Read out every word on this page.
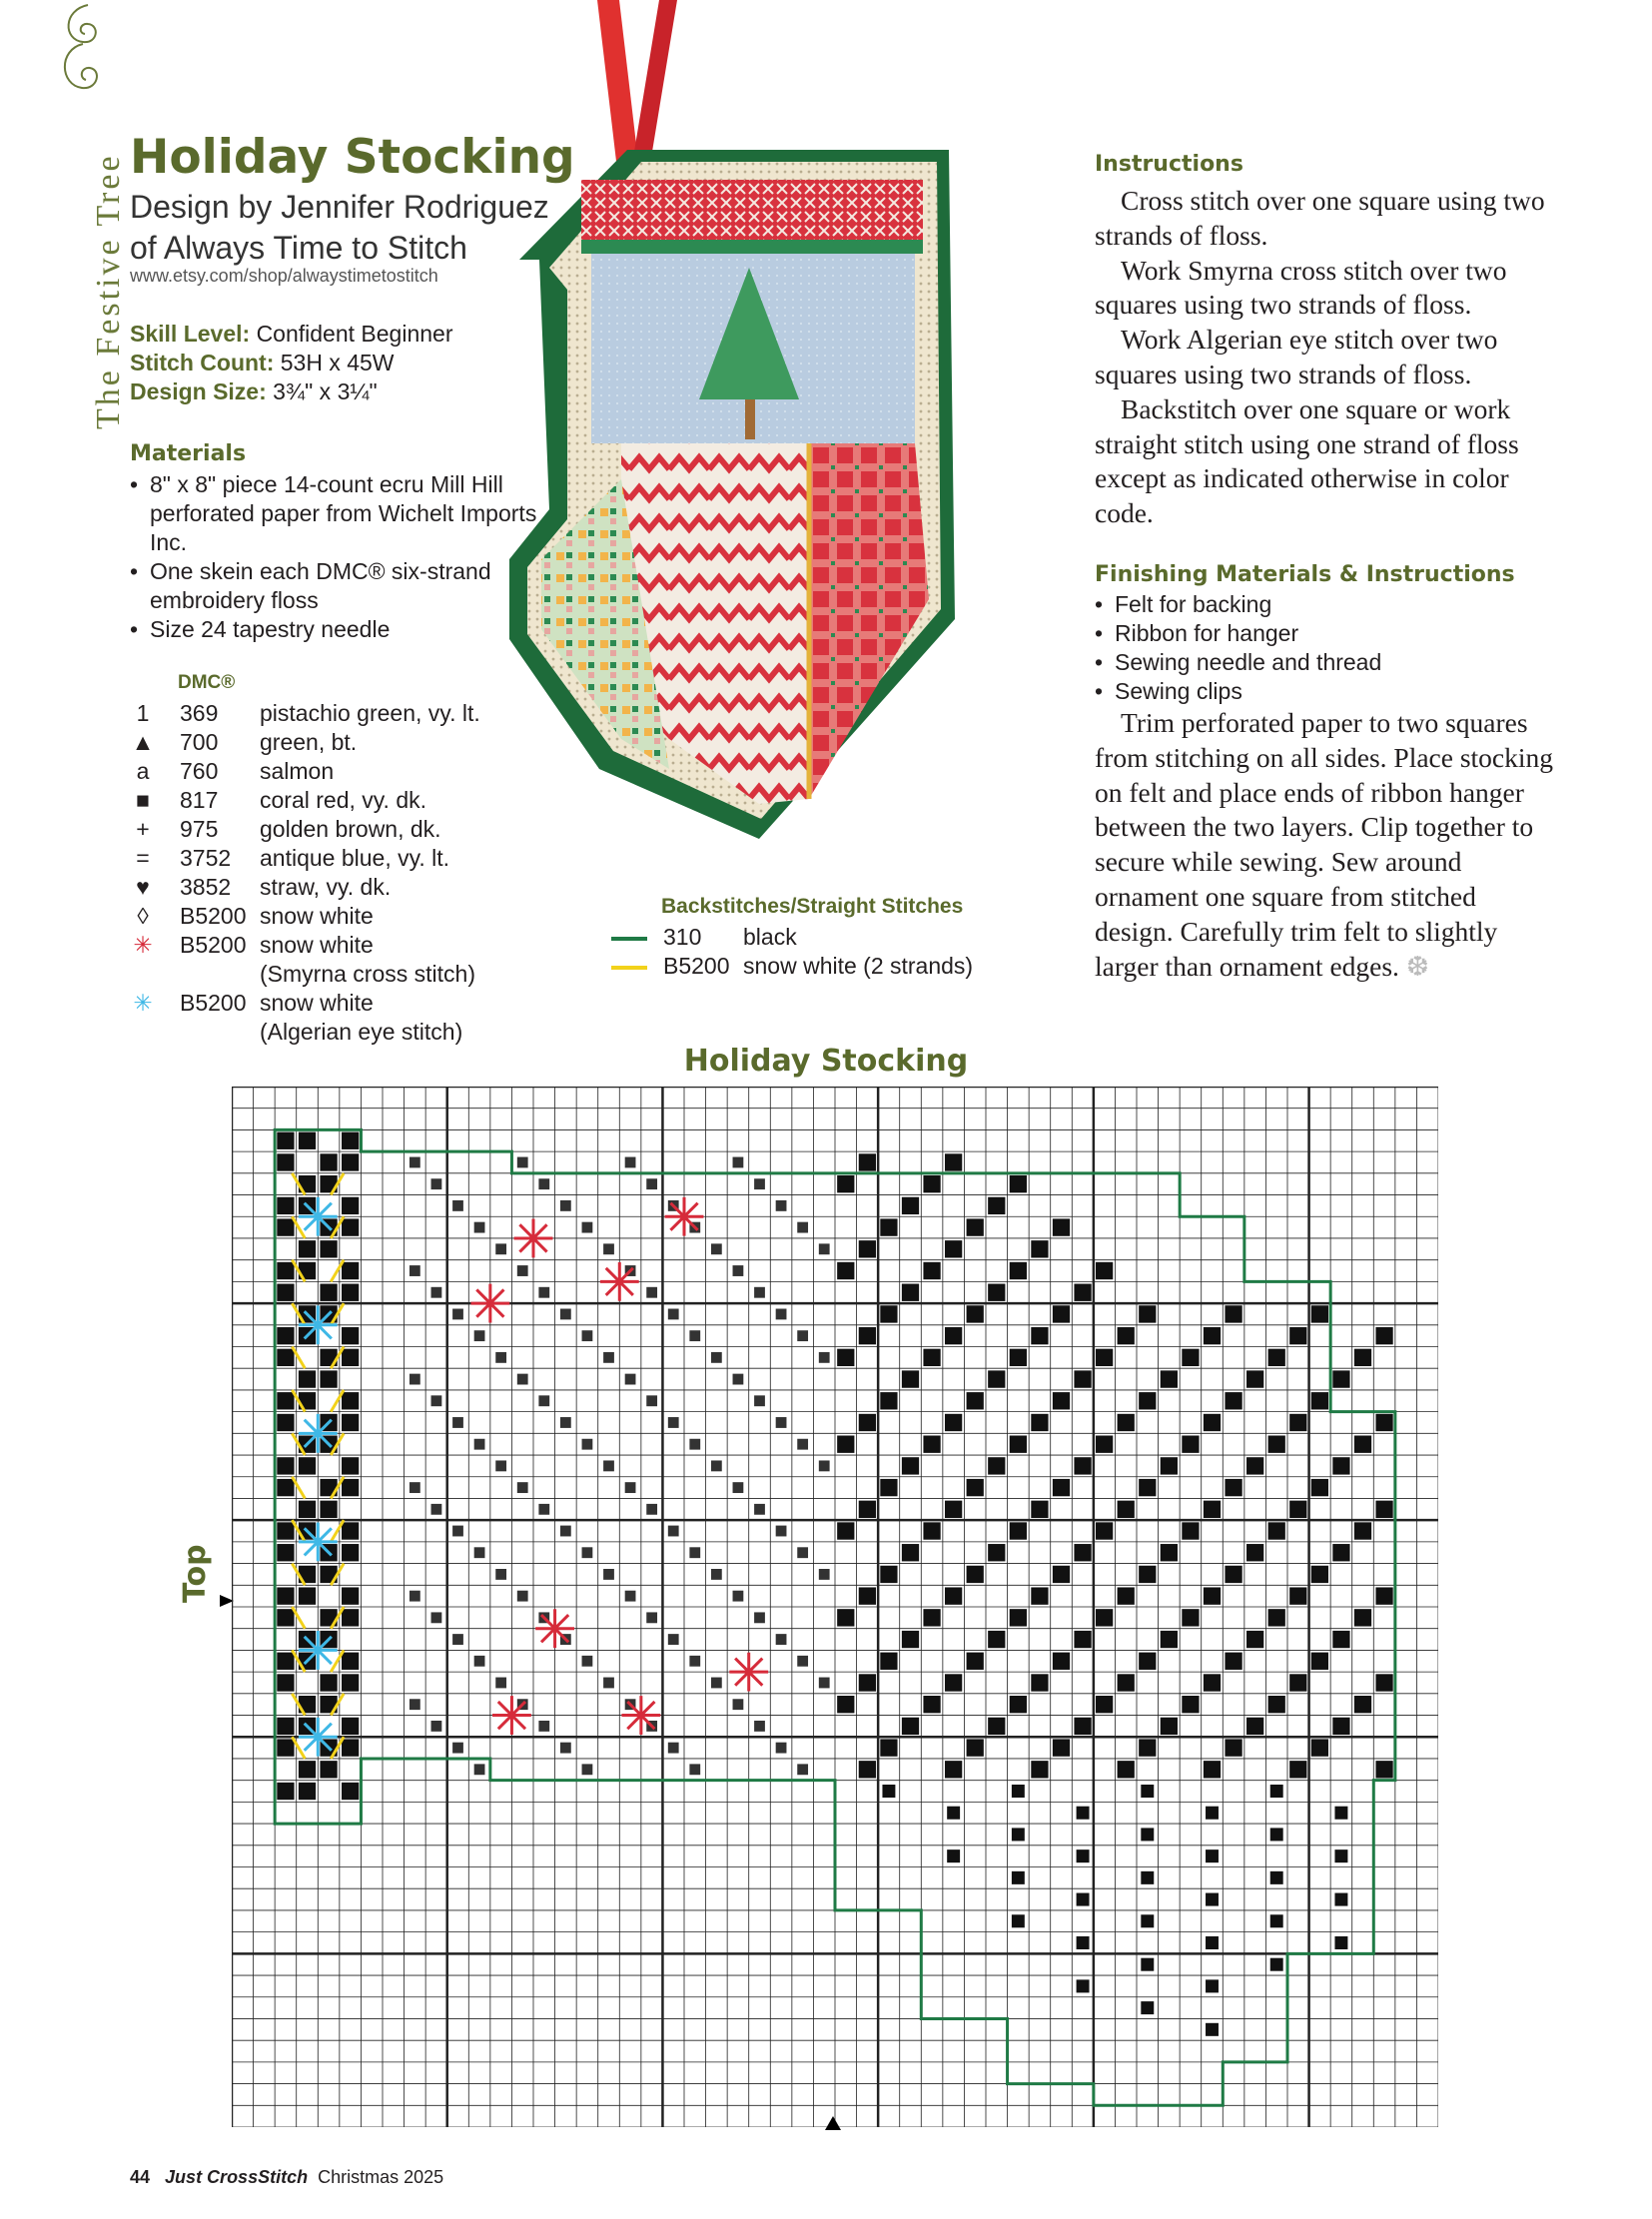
The Festive Tree Holiday Stocking
Design by Jennifer Rodriguez
of Always Time to Stitch
www.etsy.com/shop/alwaystimetostitch
Skill Level: Confident Beginner
Stitch Count: 53H x 45W
Design Size: 3¾" x 3¼"
Materials
• 8" x 8" piece 14-count ecru Mill Hill perforated paper from Wichelt Imports Inc.
• One skein each DMC® six-strand embroidery floss
• Size 24 tapestry needle
DMC®
1	369 pistachio green, vy. lt.
▲ 700 green, bt.
a	760 salmon
■	817 coral red, vy. dk.
+	975 golden brown, dk.
=	3752 antique blue, vy. lt.
♥	3852 straw, vy. dk.
◊	B5200 snow white
✳ B5200 snow white
(Smyrna cross stitch)
✳ B5200 snow white
(Algerian eye stitch)
Backstitches/Straight Stitches
310 black
B5200 snow white (2 strands)
Instructions

Cross stitch over one square using two strands of floss.

Work Smyrna cross stitch over two squares using two strands of floss.

Work Algerian eye stitch over two squares using two strands of floss.

Backstitch over one square or work straight stitch using one strand of floss except as indicated otherwise in color code.

Finishing Materials & Instructions
• Felt for backing
• Ribbon for hanger
• Sewing needle and thread
• Sewing clips

Trim perforated paper to two squares from stitching on all sides. Place stocking on felt and place ends of ribbon hanger between the two layers. Clip together to secure while sewing. Sew around ornament one square from stitched design. Carefully trim felt to slightly larger than ornament edges. ❆

Holiday Stocking
Top
44 Just CrossStitch Christmas 2025
